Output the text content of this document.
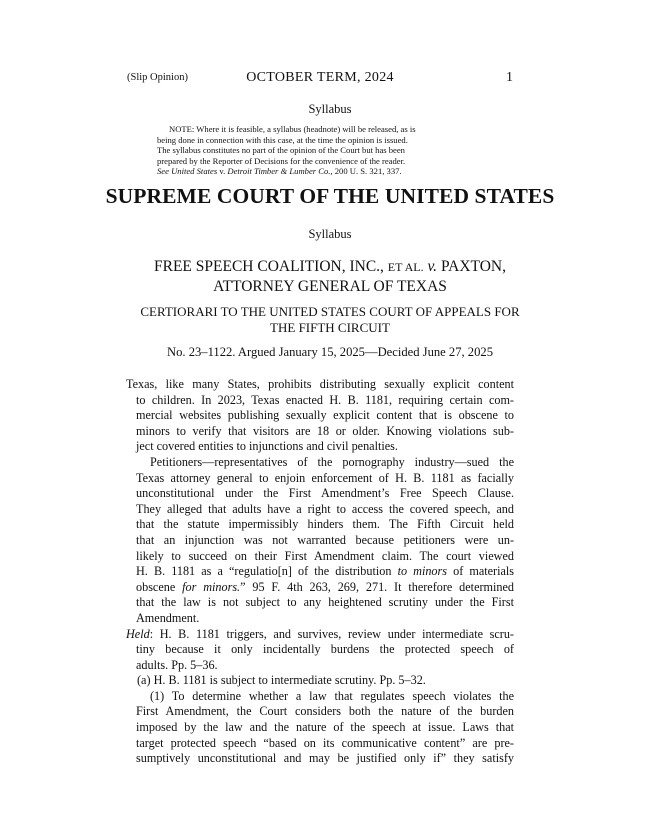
(Slip Opinion)	OCTOBER TERM, 2024	1
Syllabus
NOTE: Where it is feasible, a syllabus (headnote) will be released, as is
being done in connection with this case, at the time the opinion is issued.
The syllabus constitutes no part of the opinion of the Court but has been
prepared by the Reporter of Decisions for the convenience of the reader.
See United States v. Detroit Timber & Lumber Co., 200 U. S. 321, 337.
SUPREME COURT OF THE UNITED STATES
Syllabus
FREE SPEECH COALITION, INC., ET AL. v. PAXTON,
ATTORNEY GENERAL OF TEXAS
CERTIORARI TO THE UNITED STATES COURT OF APPEALS FOR
THE FIFTH CIRCUIT
No. 23–1122. Argued January 15, 2025—Decided June 27, 2025
Texas, like many States, prohibits distributing sexually explicit content
to children. In 2023, Texas enacted H. B. 1181, requiring certain com-
mercial websites publishing sexually explicit content that is obscene to
minors to verify that visitors are 18 or older. Knowing violations sub-
ject covered entities to injunctions and civil penalties.
Petitioners—representatives of the pornography industry—sued the
Texas attorney general to enjoin enforcement of H. B. 1181 as facially
unconstitutional under the First Amendment’s Free Speech Clause.
They alleged that adults have a right to access the covered speech, and
that the statute impermissibly hinders them. The Fifth Circuit held
that an injunction was not warranted because petitioners were un-
likely to succeed on their First Amendment claim. The court viewed
H. B. 1181 as a “regulatio[n] of the distribution to minors of materials
obscene for minors.” 95 F. 4th 263, 269, 271. It therefore determined
that the law is not subject to any heightened scrutiny under the First
Amendment.
Held: H. B. 1181 triggers, and survives, review under intermediate scru-
tiny because it only incidentally burdens the protected speech of
adults. Pp. 5–36.
(a) H. B. 1181 is subject to intermediate scrutiny. Pp. 5–32.
(1) To determine whether a law that regulates speech violates the
First Amendment, the Court considers both the nature of the burden
imposed by the law and the nature of the speech at issue. Laws that
target protected speech “based on its communicative content” are pre-
sumptively unconstitutional and may be justified only if” they satisfy
